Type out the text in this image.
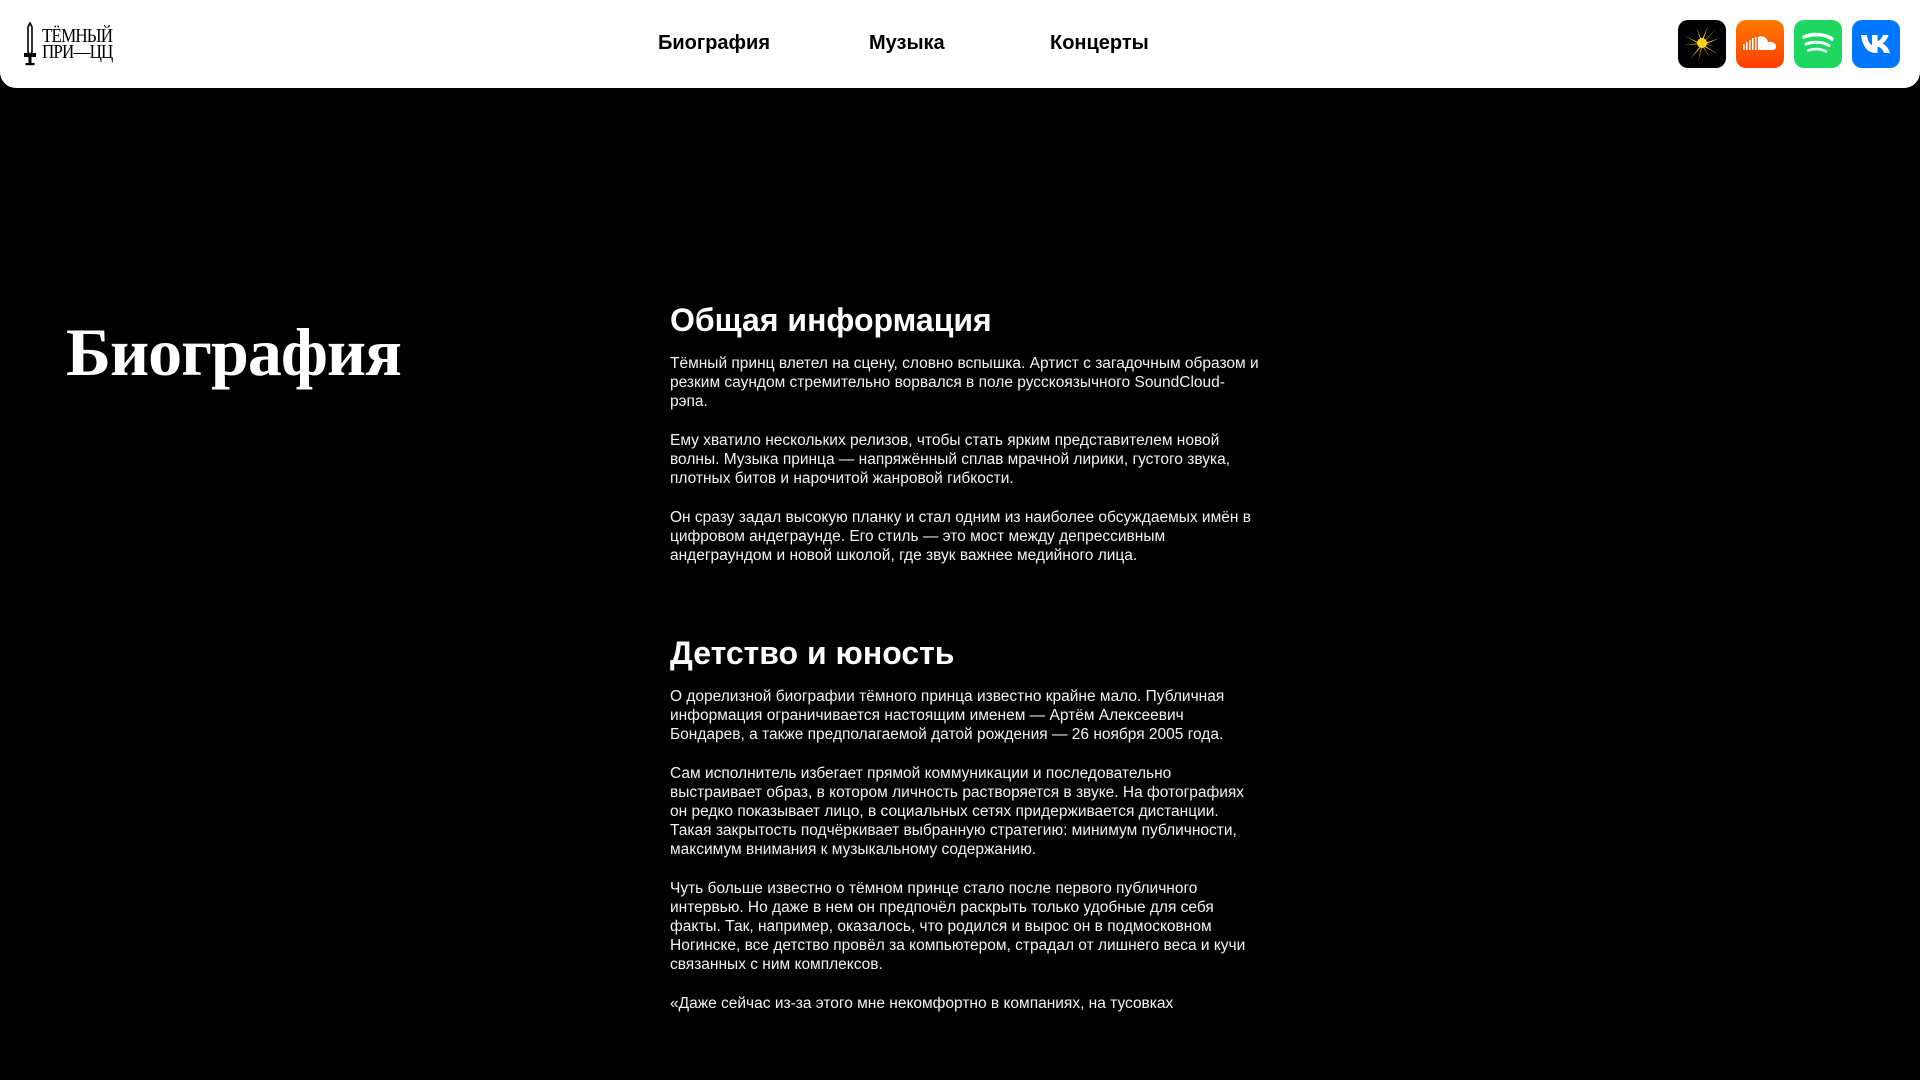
ТЁМНЫЙ
ПРИ—ЦЦ	Биография	Музыка	Концерты
Биография	Общая информация

Тёмный принц влетел на сцену, словно вспышка. Артист с загадочным образом и резким саундом стремительно ворвался в поле русскоязычного SoundCloud-рэпа.

Ему хватило нескольких релизов, чтобы стать ярким представителем новой волны. Музыка принца — напряжённый сплав мрачной лирики, густого звука, плотных битов и нарочитой жанровой гибкости.

Он сразу задал высокую планку и стал одним из наиболее обсуждаемых имён в цифровом андеграунде. Его стиль — это мост между депрессивным андеграундом и новой школой, где звук важнее медийного лица.

Детство и юность

О дорелизной биографии тёмного принца известно крайне мало. Публичная информация ограничивается настоящим именем — Артём Алексеевич Бондарев, а также предполагаемой датой рождения — 26 ноября 2005 года.

Сам исполнитель избегает прямой коммуникации и последовательно выстраивает образ, в котором личность растворяется в звуке. На фотографиях он редко показывает лицо, в социальных сетях придерживается дистанции. Такая закрытость подчёркивает выбранную стратегию: минимум публичности, максимум внимания к музыкальному содержанию.

Чуть больше известно о тёмном принце стало после первого публичного интервью. Но даже в нем он предпочёл раскрыть только удобные для себя факты. Так, например, оказалось, что родился и вырос он в подмосковном Ногинске, все детство провёл за компьютером, страдал от лишнего веса и кучи связанных с ним комплексов.

«Даже сейчас из-за этого мне некомфортно в компаниях, на тусовках
